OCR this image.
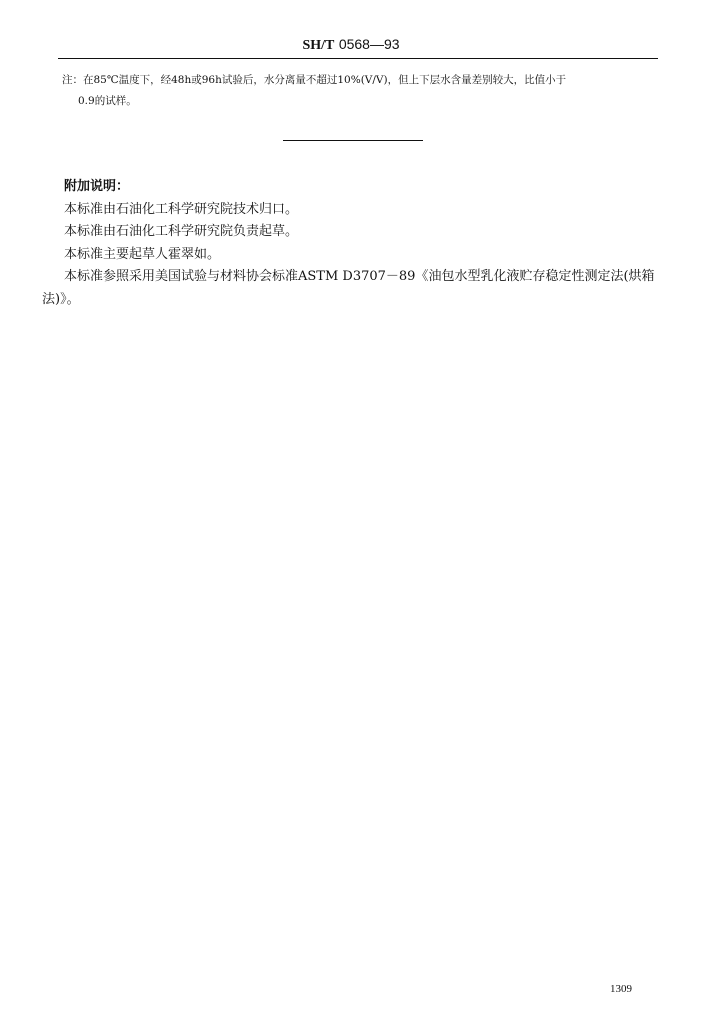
SH/T 0568—93
注：在85℃温度下，经48h或96h试验后，水分离量不超过10%(V/V)，但上下层水含量差别较大，比值小于
0.9的试样。
附加说明：
本标准由石油化工科学研究院技术归口。
本标准由石油化工科学研究院负责起草。
本标准主要起草人霍翠如。
本标准参照采用美国试验与材料协会标准ASTM D3707－89《油包水型乳化液贮存稳定性测定法(烘箱法)》。
1309
